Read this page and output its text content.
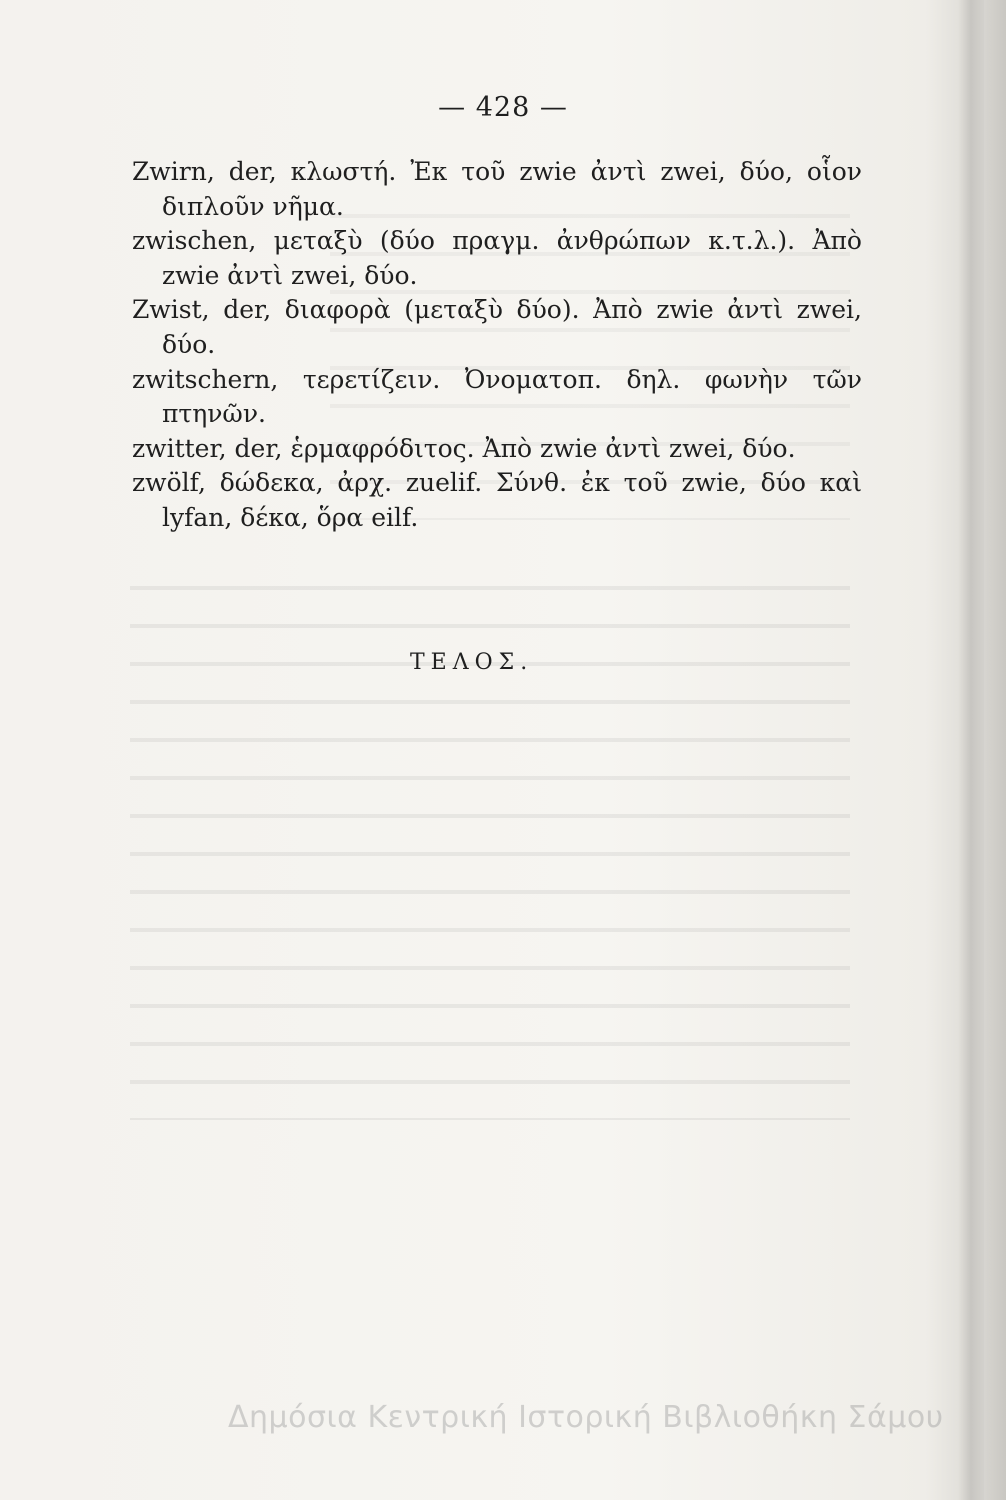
— 428 —
Zwirn, der, κλωστή. Ἐκ τοῦ zwie ἀντὶ zwei, δύο, οἷον διπλοῦν νῆμα.
zwischen, μεταξὺ (δύο πραγμ. ἀνθρώπων κ.τ.λ.). Ἀπὸ zwie ἀντὶ zwei, δύο.
Zwist, der, διαφορὰ (μεταξὺ δύο). Ἀπὸ zwie ἀντὶ zwei, δύο.
zwitschern, τερετίζειν. Ὀνοματοπ. δηλ. φωνὴν τῶν πτηνῶν.
zwitter, der, ἑρμαφρόδιτος. Ἀπὸ zwie ἀντὶ zwei, δύο.
zwölf, δώδεκα, ἀρχ. zuelif. Σύνθ. ἐκ τοῦ zwie, δύο καὶ lyfan, δέκα, ὅρα eilf.
ΤΕΛΟΣ.
Δημόσια Κεντρική Ιστορική Βιβλιοθήκη Σάμου
